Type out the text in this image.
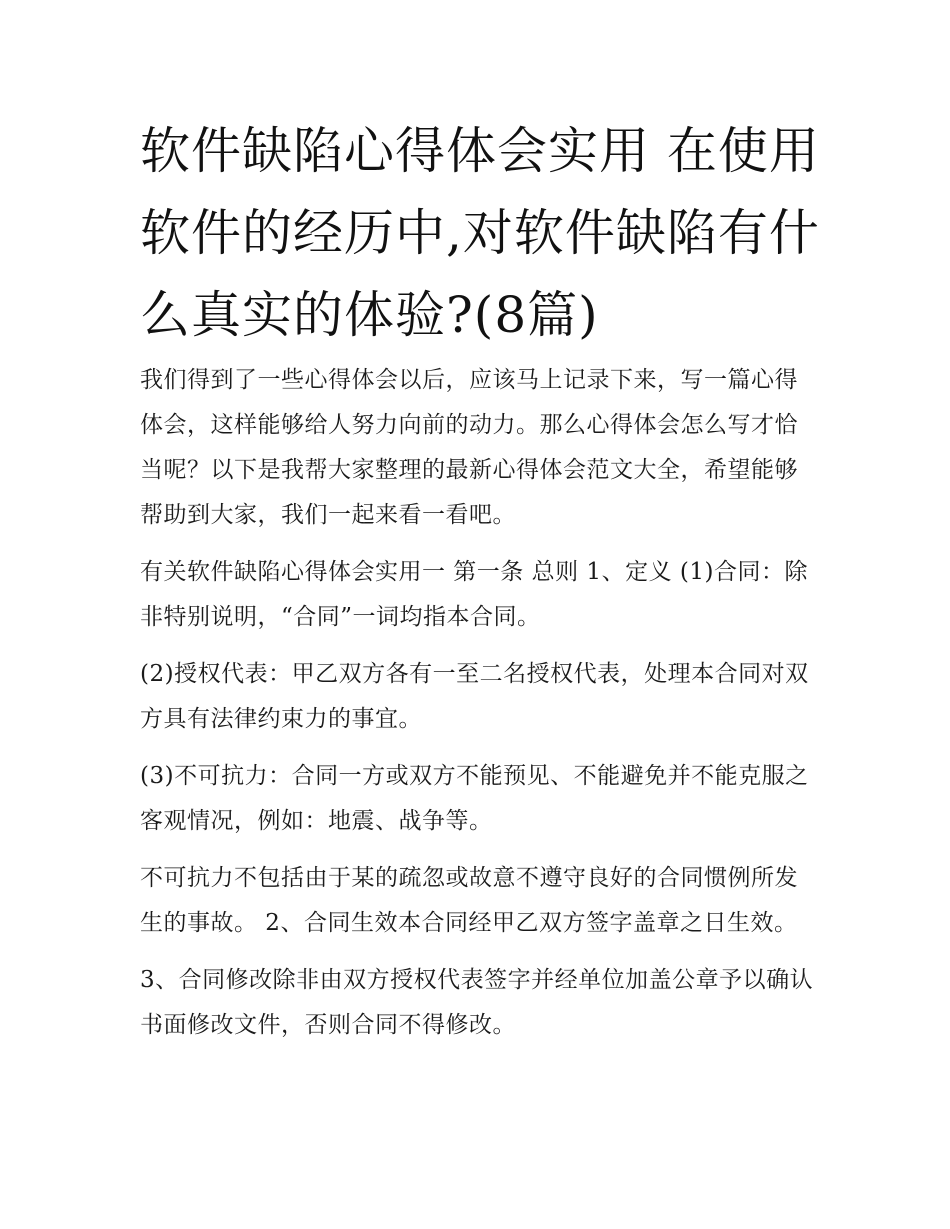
软件缺陷心得体会实用 在使用软件的经历中,对软件缺陷有什么真实的体验?(8篇)

我们得到了一些心得体会以后，应该马上记录下来，写一篇心得体会，这样能够给人努力向前的动力。那么心得体会怎么写才恰当呢？以下是我帮大家整理的最新心得体会范文大全，希望能够帮助到大家，我们一起来看一看吧。

有关软件缺陷心得体会实用一 第一条 总则 1、定义 (1)合同：除非特别说明，“合同”一词均指本合同。

(2)授权代表：甲乙双方各有一至二名授权代表，处理本合同对双方具有法律约束力的事宜。

(3)不可抗力：合同一方或双方不能预见、不能避免并不能克服之客观情况，例如：地震、战争等。

不可抗力不包括由于某的疏忽或故意不遵守良好的合同惯例所发生的事故。 2、合同生效本合同经甲乙双方签字盖章之日生效。

3、合同修改除非由双方授权代表签字并经单位加盖公章予以确认书面修改文件，否则合同不得修改。
